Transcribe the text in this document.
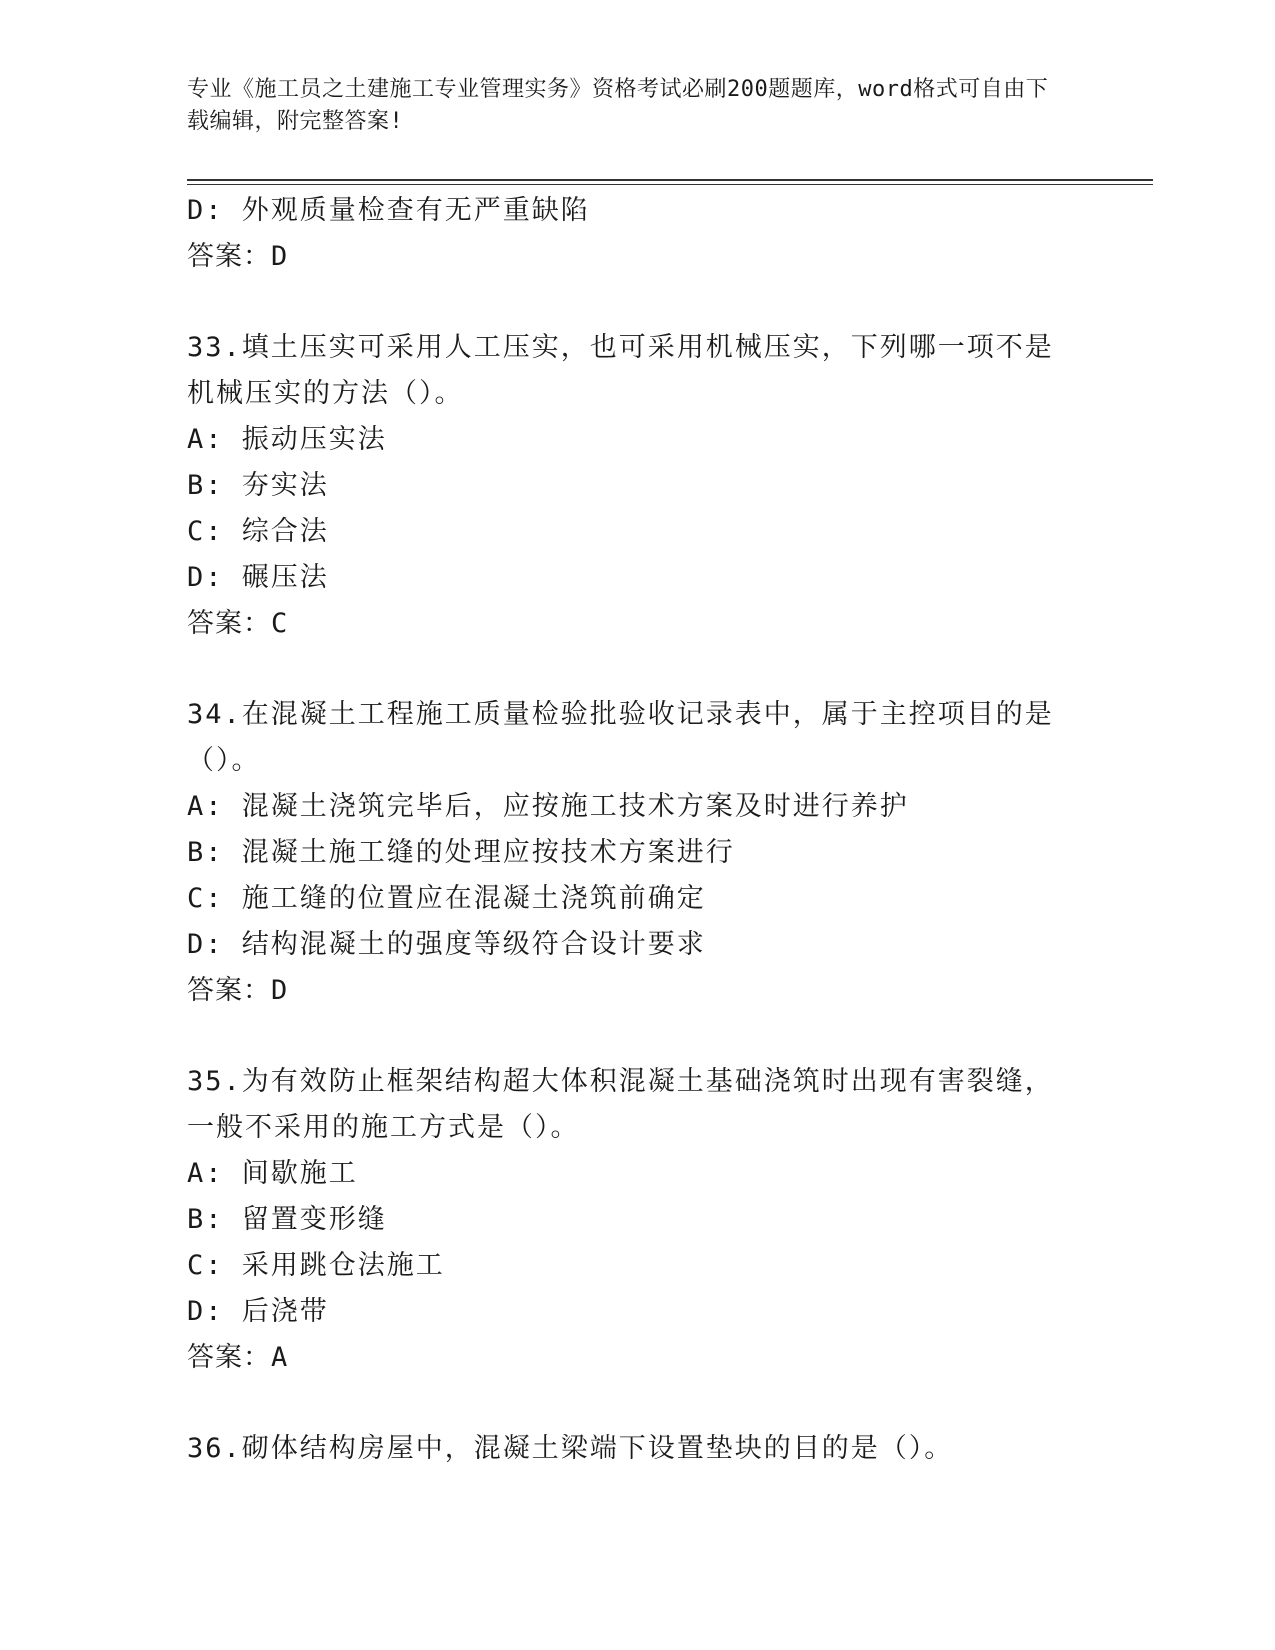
专业《施工员之土建施工专业管理实务》资格考试必刷200题题库，word格式可自由下载编辑，附完整答案!
D: 外观质量检查有无严重缺陷
答案：D
33.填土压实可采用人工压实，也可采用机械压实，下列哪一项不是机械压实的方法（）。
A: 振动压实法
B: 夯实法
C: 综合法
D: 碾压法
答案：C
34.在混凝土工程施工质量检验批验收记录表中，属于主控项目的是（）。
A: 混凝土浇筑完毕后，应按施工技术方案及时进行养护
B: 混凝土施工缝的处理应按技术方案进行
C: 施工缝的位置应在混凝土浇筑前确定
D: 结构混凝土的强度等级符合设计要求
答案：D
35.为有效防止框架结构超大体积混凝土基础浇筑时出现有害裂缝，一般不采用的施工方式是（）。
A: 间歇施工
B: 留置变形缝
C: 采用跳仓法施工
D: 后浇带
答案：A
36.砌体结构房屋中，混凝土梁端下设置垫块的目的是（）。
